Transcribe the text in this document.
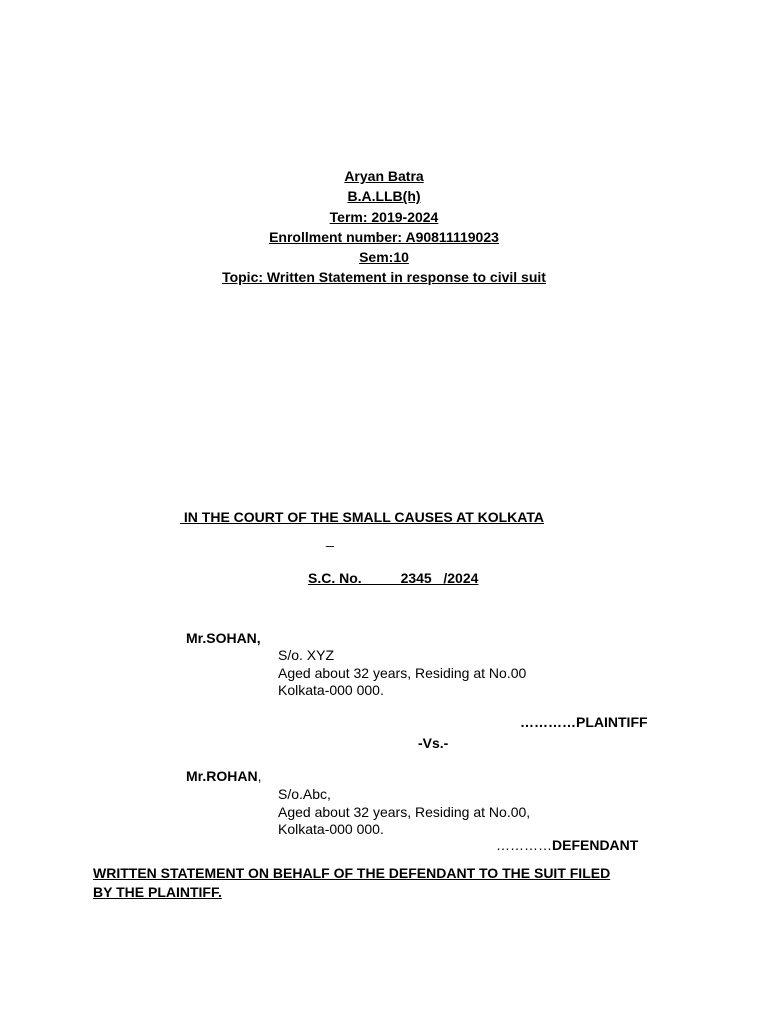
Aryan Batra
B.A.LLB(h)
Term: 2019-2024
Enrollment number: A90811119023
Sem:10
Topic: Written Statement in response to civil suit
IN THE COURT OF THE SMALL CAUSES AT KOLKATA
_
S.C. No.          2345   /2024
Mr.SOHAN,
S/o. XYZ
Aged about 32 years, Residing at No.00
Kolkata-000 000.
…………PLAINTIFF
-Vs.-
Mr.ROHAN,
S/o.Abc,
Aged about 32 years, Residing at No.00,
Kolkata-000 000.
…………DEFENDANT
WRITTEN STATEMENT ON BEHALF OF THE DEFENDANT TO THE SUIT FILED
BY THE PLAINTIFF.
